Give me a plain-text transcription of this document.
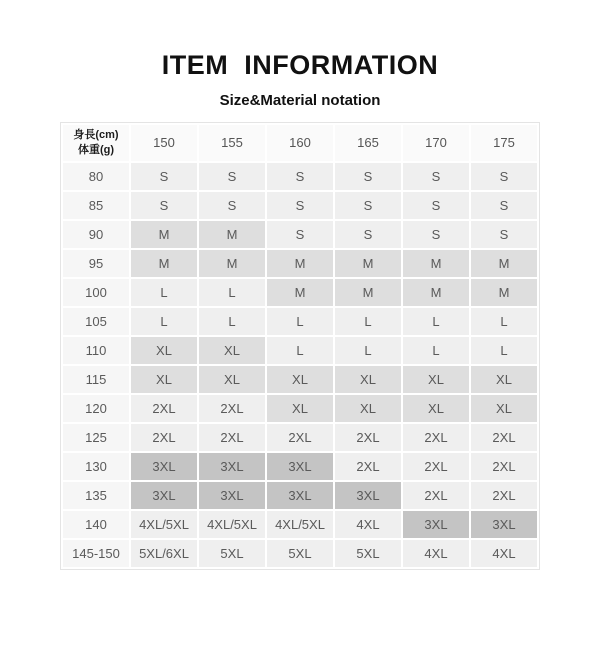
ITEM  INFORMATION
Size&Material notation
身長(cm)
体重(g)	150	155	160	165	170	175
80	S	S	S	S	S	S
85	S	S	S	S	S	S
90	M	M	S	S	S	S
95	M	M	M	M	M	M
100	L	L	M	M	M	M
105	L	L	L	L	L	L
110	XL	XL	L	L	L	L
115	XL	XL	XL	XL	XL	XL
120	2XL	2XL	XL	XL	XL	XL
125	2XL	2XL	2XL	2XL	2XL	2XL
130	3XL	3XL	3XL	2XL	2XL	2XL
135	3XL	3XL	3XL	3XL	2XL	2XL
140	4XL/5XL	4XL/5XL	4XL/5XL	4XL	3XL	3XL
145-150	5XL/6XL	5XL	5XL	5XL	4XL	4XL
